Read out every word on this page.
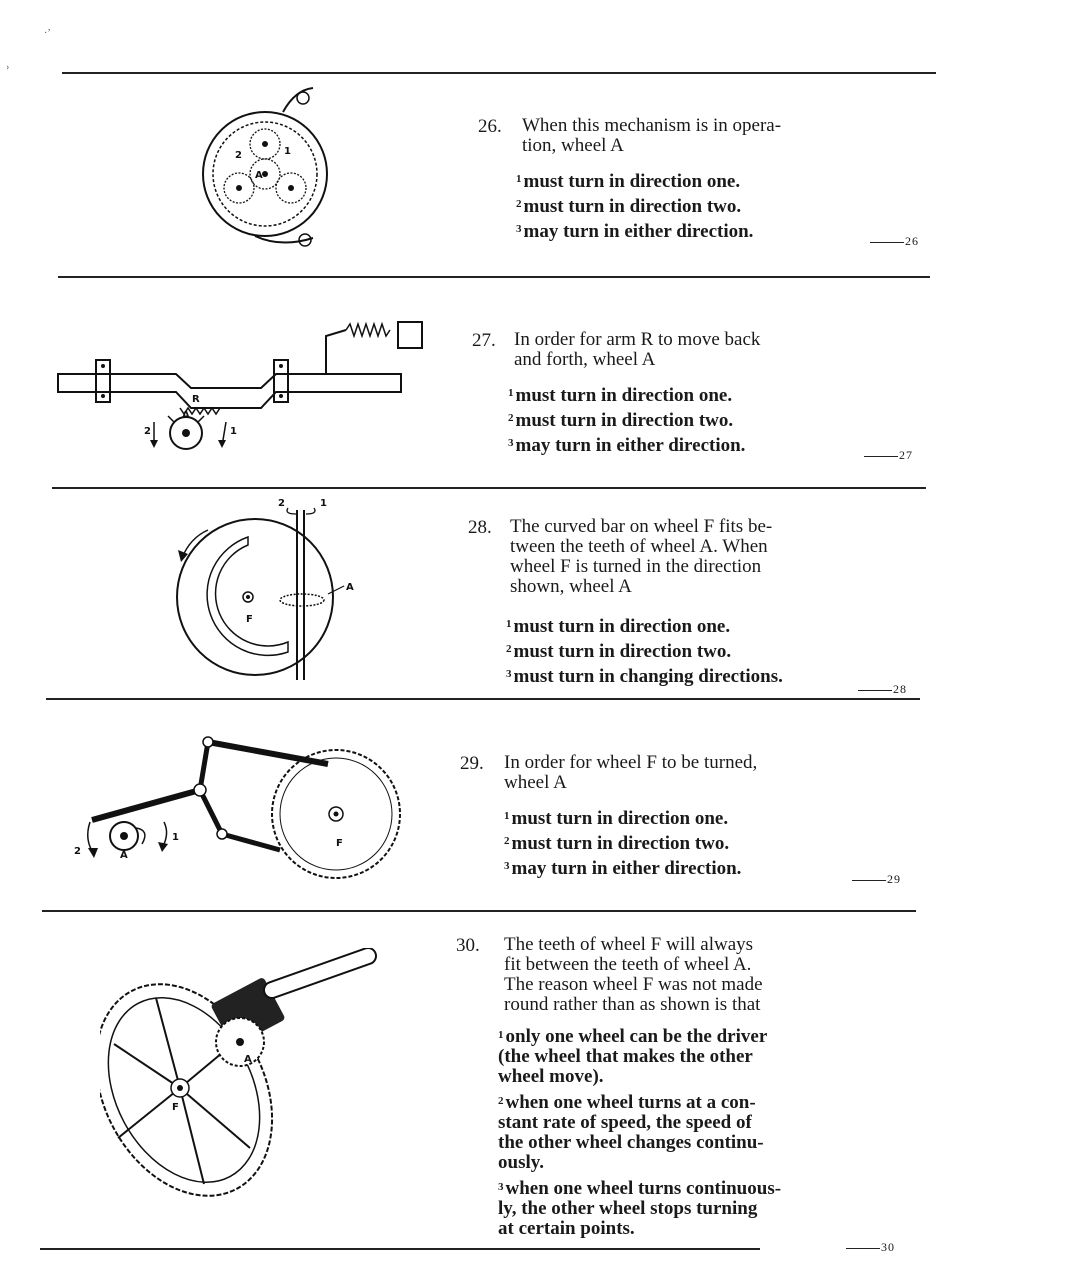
·’
›
A
1
2
26. When this mechanism is in opera-
tion, wheel A
$^1$ must turn in direction one.
$^2$ must turn in direction two.
$^3$ may turn in either direction.	26
R
A
1
2
27. In order for arm R to move back
and forth, wheel A
$^1$ must turn in direction one.
$^2$ must turn in direction two.
$^3$ may turn in either direction.	27
F
A
1
2
28. The curved bar on wheel F fits be-
tween the teeth of wheel A. When
wheel F is turned in the direction
shown, wheel A
$^1$ must turn in direction one.
$^2$ must turn in direction two.
$^3$ must turn in changing directions.
28
F
A
1
2
29. In order for wheel F to be turned,
wheel A
$^1$ must turn in direction one.
$^2$ must turn in direction two.
$^3$ may turn in either direction.	29
A
F
30. The teeth of wheel F will always
fit between the teeth of wheel A.
The reason wheel F was not made
round rather than as shown is that
$^1$ only one wheel can be the driver
(the wheel that makes the other
wheel move).
$^2$ when one wheel turns at a con-
stant rate of speed, the speed of
the other wheel changes continu-
ously.
$^3$ when one wheel turns continuous-
ly, the other wheel stops turning
at certain points.
30
